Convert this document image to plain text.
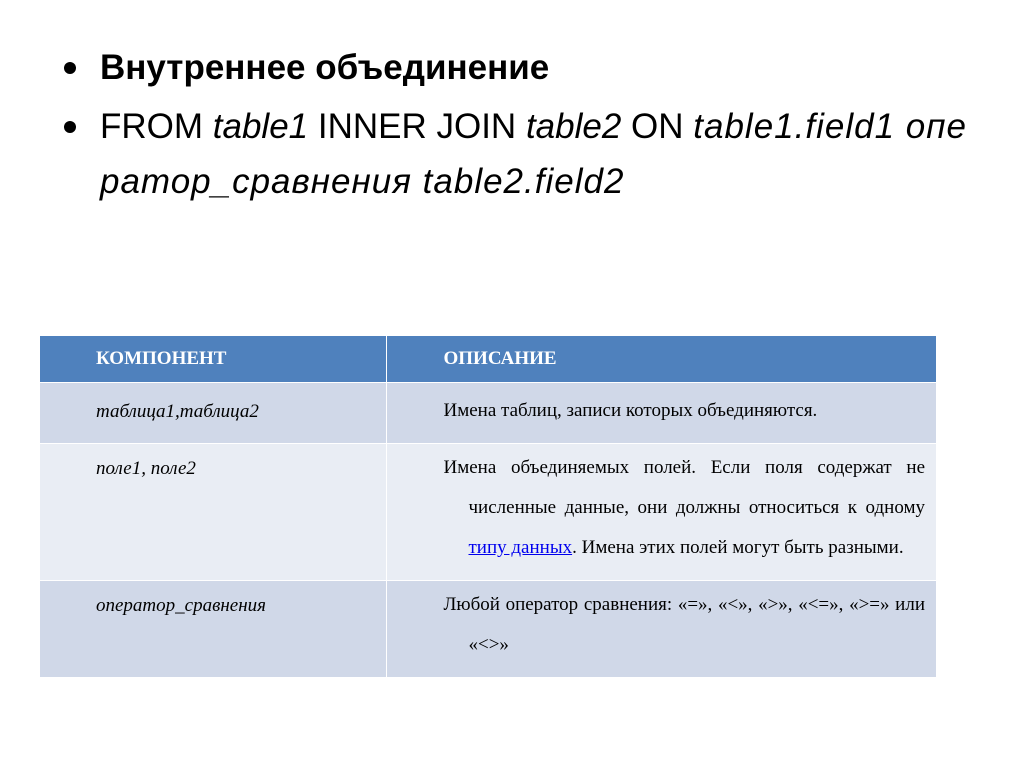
Внутреннее объединение
FROM table1 INNER JOIN table2 ON table1.field1 оператор_сравнения table2.field2
КОМПОНЕНТ	ОПИСАНИЕ

таблица1,таблица2	Имена таблиц, записи которых объединяются.

поле1, поле2	Имена объединяемых полей. Если поля содержат не численные данные, они должны относиться к одному типу данных. Имена этих полей могут быть разными.

оператор_сравнения	Любой оператор сравнения: «=», «<», «>», «<=», «>=» или «<>»
